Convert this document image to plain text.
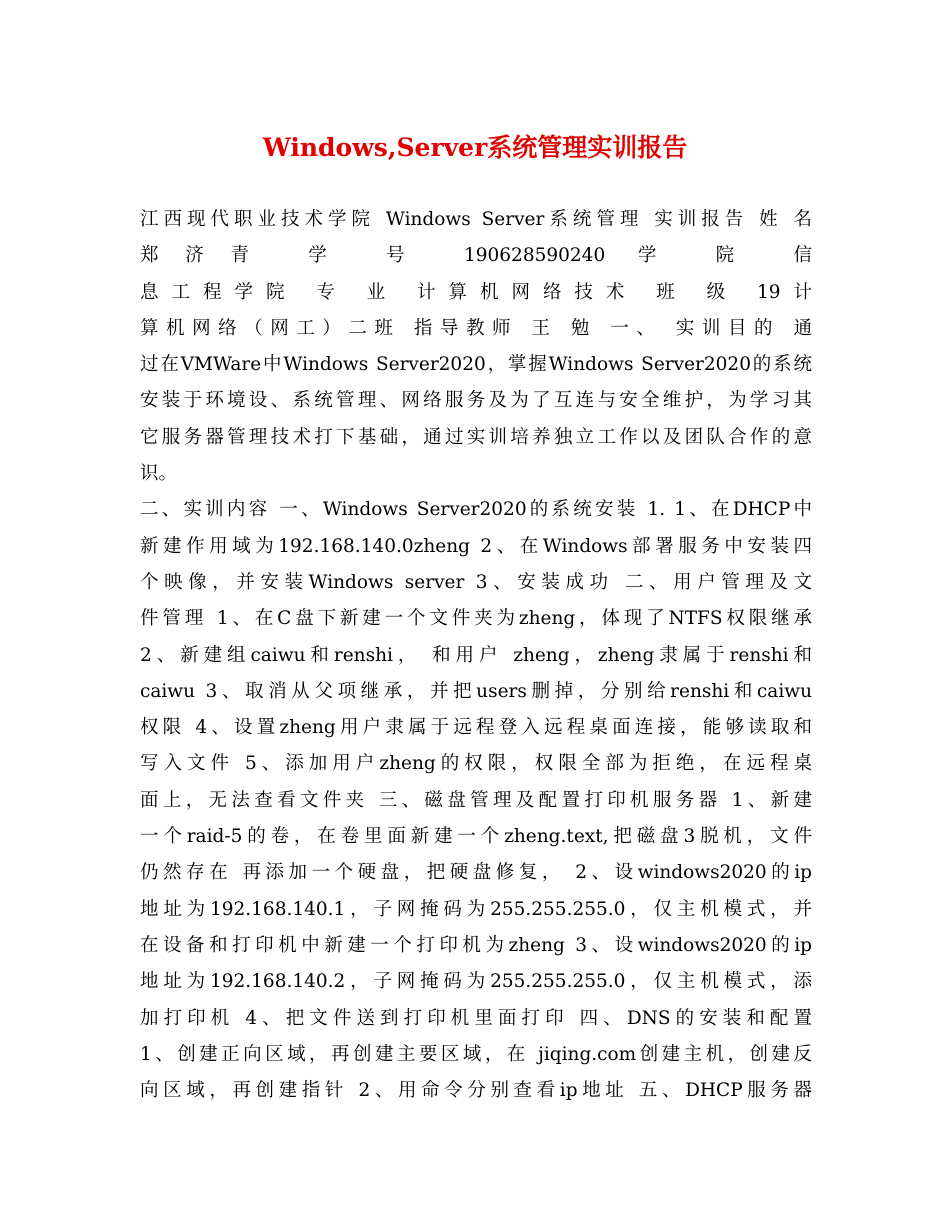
Windows,Server系统管理实训报告
江西现代职业技术学院 Windows Server系统管理 实训报告 姓 名
郑济青 学 号 190628590240 学 院 信
息工程学院 专 业 计算机网络技术 班 级 19计
算机网络（网工）二班 指导教师 王 勉 一、 实训目的 通
过在VMWare中Windows Server2020，掌握Windows Server2020的系统
安装于环境设、系统管理、网络服务及为了互连与安全维护，为学习其
它服务器管理技术打下基础，通过实训培养独立工作以及团队合作的意
识。
二、实训内容 一、Windows Server2020的系统安装 1. 1、在DHCP中
新建作用域为192.168.140.0zheng 2、在Windows部署服务中安装四
个映像，并安装Windows server 3、安装成功 二、用户管理及文
件管理 1、在C盘下新建一个文件夹为zheng，体现了NTFS权限继承
2、新建组caiwu和renshi， 和用户 zheng，zheng隶属于renshi和
caiwu 3、取消从父项继承，并把users删掉，分别给renshi和caiwu
权限 4、设置zheng用户隶属于远程登入远程桌面连接，能够读取和
写入文件 5、添加用户zheng的权限，权限全部为拒绝，在远程桌
面上，无法查看文件夹 三、磁盘管理及配置打印机服务器 1、新建
一个raid-5的卷，在卷里面新建一个zheng.text,把磁盘3脱机，文件
仍然存在 再添加一个硬盘，把硬盘修复， 2、设windows2020的ip
地址为192.168.140.1，子网掩码为255.255.255.0，仅主机模式，并
在设备和打印机中新建一个打印机为zheng 3、设windows2020的ip
地址为192.168.140.2，子网掩码为255.255.255.0，仅主机模式，添
加打印机 4、把文件送到打印机里面打印 四、DNS的安装和配置
1、创建正向区域，再创建主要区域，在 jiqing.com创建主机，创建反
向区域，再创建指针 2、用命令分别查看ip地址 五、DHCP服务器
